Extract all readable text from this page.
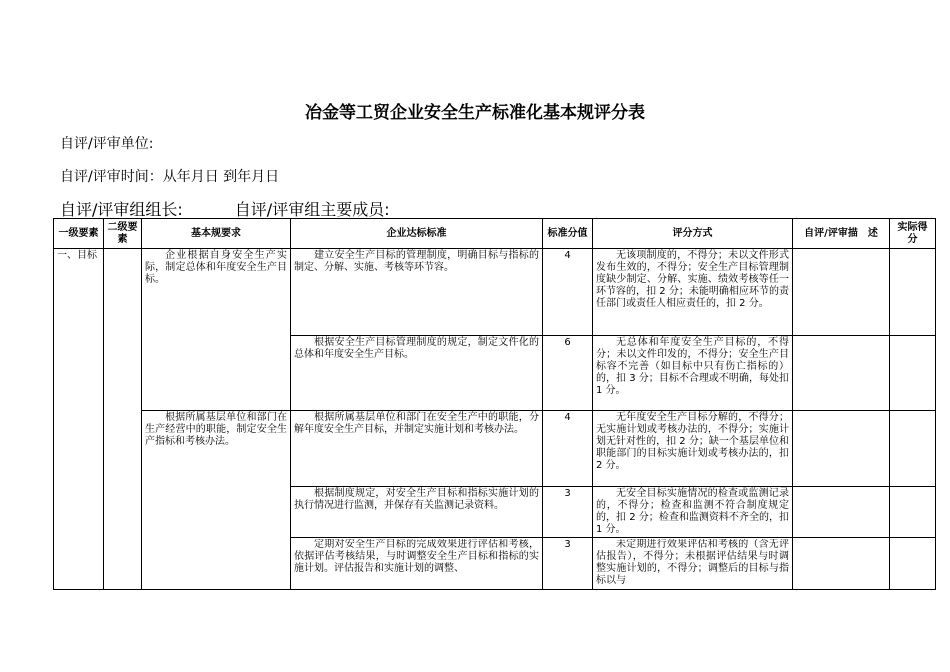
冶金等工贸企业安全生产标准化基本规评分表
自评/评审单位:
自评/评审时间：从年月日 到年月日
自评/评审组组长:	自评/评审组主要成员:
一级要素	二级要素	基本规要求	企业达标标准	标准分值	评分方式	自评/评审描　述	实际得分
一、目标		企业根据自身安全生产实际，制定总体和年度安全生产目标。	建立安全生产目标的管理制度，明确目标与指标的制定、分解、实施、考核等环节容。	4	无该项制度的，不得分；未以文件形式发布生效的，不得分；安全生产目标管理制度缺少制定、分解、实施、绩效考核等任一环节容的，扣 2 分；未能明确相应环节的责任部门或责任人相应责任的，扣 2 分。		

			根据安全生产目标管理制度的规定，制定文件化的总体和年度安全生产目标。	6	无总体和年度安全生产目标的，不得分；未以文件印发的，不得分；安全生产目标容不完善（如目标中只有伤亡指标的）的，扣 3 分；目标不合理或不明确，每处扣 1 分。		

		根据所属基层单位和部门在生产经营中的职能，制定安全生产指标和考核办法。	根据所属基层单位和部门在安全生产中的职能，分解年度安全生产目标，并制定实施计划和考核办法。	4	无年度安全生产目标分解的，不得分；无实施计划或考核办法的，不得分；实施计划无针对性的，扣 2 分；缺一个基层单位和职能部门的目标实施计划或考核办法的，扣 2 分。		

			根据制度规定，对安全生产目标和指标实施计划的执行情况进行监测，并保存有关监测记录资料。	3	无安全目标实施情况的检查或监测记录的，不得分；检查和监测不符合制度规定的，扣 2 分；检查和监测资料不齐全的，扣 1 分。		

			定期对安全生产目标的完成效果进行评估和考核，依据评估考核结果，与时调整安全生产目标和指标的实施计划。评估报告和实施计划的调整、	3	未定期进行效果评估和考核的（含无评估报告），不得分；未根据评估结果与时调整实施计划的，不得分；调整后的目标与指标以与		
